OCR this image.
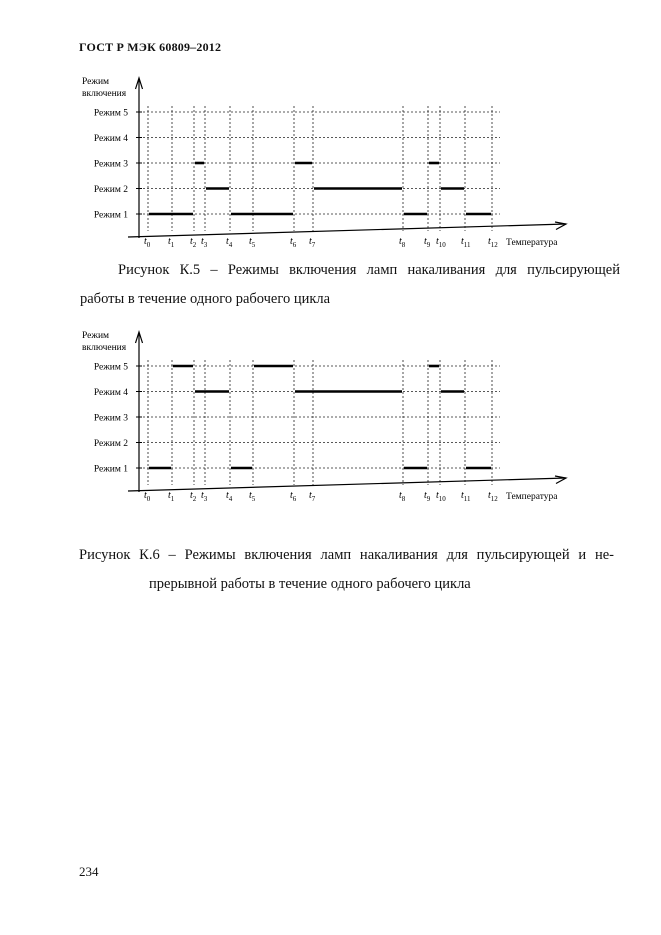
ГОСТ Р МЭК 60809–2012
Режим 1
Режим 2
Режим 3
Режим 4
Режим 5
Режим
включения
Температура
$t_0$ $t_1$ $t_2$ $t_3$ $t_4$ $t_5$	$t_6$ $t_7$	$t_8$ $t_9$ $t_{10}$ $t_{11}$ $t_{12}$
Рисунок К.5 – Режимы включения ламп накаливания для пульсирующей
работы в течение одного рабочего цикла
Режим 1
Режим 2
Режим 3
Режим 4
Режим 5
Режим
включения
Температура
$t_0$ $t_1$ $t_2$ $t_3$ $t_4$ $t_5$	$t_6$ $t_7$	$t_8$ $t_9$ $t_{10}$ $t_{11}$ $t_{12}$
Рисунок К.6 – Режимы включения ламп накаливания для пульсирующей и не-
прерывной работы в течение одного рабочего цикла
234
